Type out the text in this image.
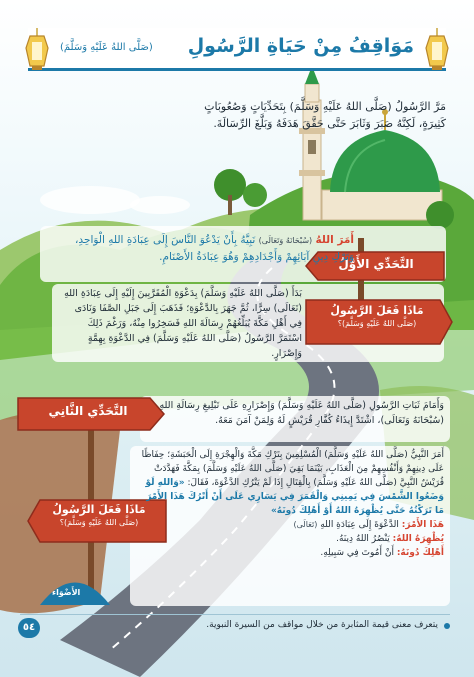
مَوَاقِفُ مِنْ حَيَاةِ الرَّسُولِ
(صَلَّى اللهُ عَلَيْهِ وَسَلَّمَ)

مَرَّ الرَّسُولُ (صَلَّى اللهُ عَلَيْهِ وَسَلَّمَ) بِتَحَدِّيَاتٍ وَصُعُوبَاتٍ كَثِيرَةٍ، لَكِنَّهُ صَبَرَ وَثَابَرَ حَتَّى حَقَّقَ هَدَفَهُ وَبَلَّغَ الرِّسَالَةَ.

التَّحَدِّي الأَوَّلُ

أَمَرَ اللهُ (سُبْحَانَهُ وَتَعَالَى) نَبِيَّهُ بِأَنْ يَدْعُوَ النَّاسَ إِلَى عِبَادَةِ اللهِ الْوَاحِدِ، وَتَرْكِ دِينِ آبَائِهِمْ وَأَجْدَادِهِمْ وَهُوَ عِبَادَةُ الأَصْنَامِ.

مَاذَا فَعَلَ الرَّسُولُ
(صَلَّى اللهُ عَلَيْهِ وَسَلَّمَ)؟

بَدَأَ (صَلَّى اللهُ عَلَيْهِ وَسَلَّمَ) بِدَعْوَةِ الْمُقَرَّبِينَ إِلَيْهِ إِلَى عِبَادَةِ اللهِ (تَعَالَى) سِرًّا، ثُمَّ جَهَرَ بِالدَّعْوَةِ؛ فَذَهَبَ إِلَى جَبَلِ الصَّفَا وَنَادَى فِي أَهْلِ مَكَّةَ يُبَلِّغُهُمْ رِسَالَةَ اللهِ فَسَخِرُوا مِنْهُ، وَرَغْمَ ذَلِكَ اسْتَمَرَّ الرَّسُولُ (صَلَّى اللهُ عَلَيْهِ وَسَلَّمَ) فِي الدَّعْوَةِ بِهِمَّةٍ وَإِصْرَارٍ.

التَّحَدِّي الثَّانِي	وَأَمَامَ ثَبَاتِ الرَّسُولِ (صَلَّى اللهُ عَلَيْهِ وَسَلَّمَ) وَإِصْرَارِهِ عَلَى تَبْلِيغِ رِسَالَةِ اللهِ (سُبْحَانَهُ وَتَعَالَى)، اشْتَدَّ إِيذَاءُ كُفَّارِ قُرَيْشٍ لَهُ وَلِمَنْ آمَنَ مَعَهُ.

مَاذَا فَعَلَ الرَّسُولُ
(صَلَّى اللهُ عَلَيْهِ وَسَلَّمَ)؟
أَمَرَ النَّبِيُّ (صَلَّى اللهُ عَلَيْهِ وَسَلَّمَ) الْمُسْلِمِينَ بِتَرْكِ مَكَّةَ وَالْهِجْرَةِ إِلَى الْحَبَشَةِ؛ حِفَاظًا عَلَى دِينِهِمْ وَأَنْفُسِهِمْ مِنَ الْعَذَابِ، بَيْنَمَا بَقِيَ (صَلَّى اللهُ عَلَيْهِ وَسَلَّمَ) بِمَكَّةَ فَهَدَّدَتْ قُرَيْشٌ النَّبِيَّ (صَلَّى اللهُ عَلَيْهِ وَسَلَّمَ) بِالْقِتَالِ إِذَا لَمْ يَتْرُكِ الدَّعْوَةَ، فَقَالَ: «وَاللهِ لَوْ وَضَعُوا الشَّمْسَ فِي يَمِينِي وَالْقَمَرَ فِي يَسَارِي عَلَى أَنْ أَتْرُكَ هَذَا الأَمْرَ مَا تَرَكْتُهُ حَتَّى يُظْهِرَهُ اللهُ أَوْ أَهْلِكَ دُونَهُ»
هَذَا الأَمْرَ: الدَّعْوَةَ إِلَى عِبَادَةِ اللهِ (تَعَالَى)
يُظْهِرَهُ اللهُ: يَنْصُرُ اللهُ دِينَهُ.
أَهْلِكَ دُونَهُ: أَنْ أَمُوتَ فِي سَبِيلِهِ.
الأَضْوَاء
يتعرف معنى قيمة المثابرة من خلال مواقف من السيرة النبوية.
٥٤
